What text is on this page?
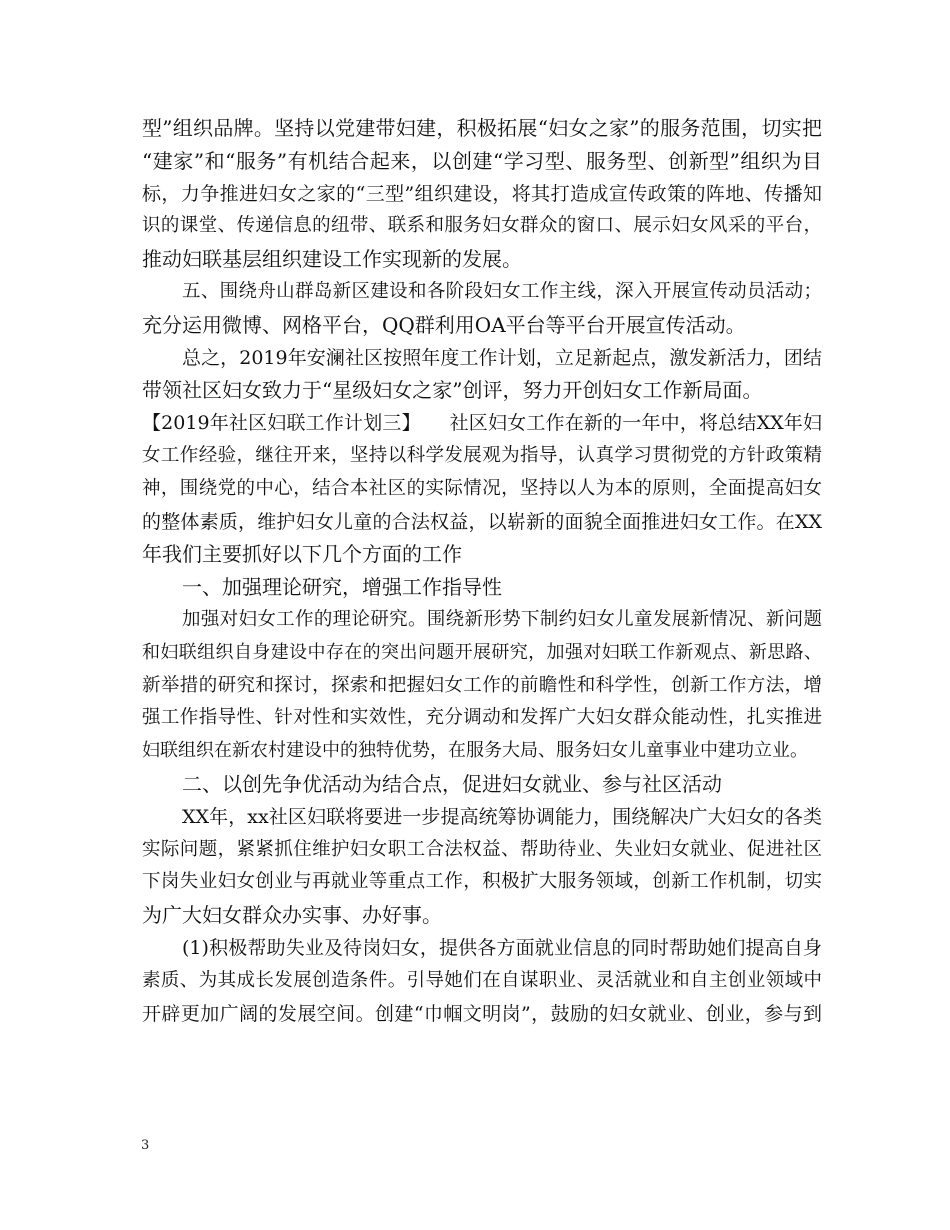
型”组织品牌。坚持以党建带妇建，积极拓展“妇女之家”的服务范围，切实把
“建家”和“服务”有机结合起来，以创建“学习型、服务型、创新型”组织为目
标，力争推进妇女之家的“三型”组织建设，将其打造成宣传政策的阵地、传播知
识的课堂、传递信息的纽带、联系和服务妇女群众的窗口、展示妇女风采的平台，
推动妇联基层组织建设工作实现新的发展。
五、围绕舟山群岛新区建设和各阶段妇女工作主线，深入开展宣传动员活动；
充分运用微博、网格平台，QQ群利用OA平台等平台开展宣传活动。
总之，2019年安澜社区按照年度工作计划，立足新起点，激发新活力，团结
带领社区妇女致力于“星级妇女之家”创评，努力开创妇女工作新局面。
【2019年社区妇联工作计划三】　　社区妇女工作在新的一年中，将总结XX年妇
女工作经验，继往开来，坚持以科学发展观为指导，认真学习贯彻党的方针政策精
神，围绕党的中心，结合本社区的实际情况，坚持以人为本的原则，全面提高妇女
的整体素质，维护妇女儿童的合法权益，以崭新的面貌全面推进妇女工作。在XX
年我们主要抓好以下几个方面的工作
一、加强理论研究，增强工作指导性
加强对妇女工作的理论研究。围绕新形势下制约妇女儿童发展新情况、新问题
和妇联组织自身建设中存在的突出问题开展研究，加强对妇联工作新观点、新思路、
新举措的研究和探讨，探索和把握妇女工作的前瞻性和科学性，创新工作方法，增
强工作指导性、针对性和实效性，充分调动和发挥广大妇女群众能动性，扎实推进
妇联组织在新农村建设中的独特优势，在服务大局、服务妇女儿童事业中建功立业。
二、以创先争优活动为结合点，促进妇女就业、参与社区活动
XX年，xx社区妇联将要进一步提高统筹协调能力，围绕解决广大妇女的各类
实际问题，紧紧抓住维护妇女职工合法权益、帮助待业、失业妇女就业、促进社区
下岗失业妇女创业与再就业等重点工作，积极扩大服务领域，创新工作机制，切实
为广大妇女群众办实事、办好事。
(1)积极帮助失业及待岗妇女，提供各方面就业信息的同时帮助她们提高自身
素质、为其成长发展创造条件。引导她们在自谋职业、灵活就业和自主创业领域中
开辟更加广阔的发展空间。创建“巾帼文明岗”，鼓励的妇女就业、创业，参与到
3
